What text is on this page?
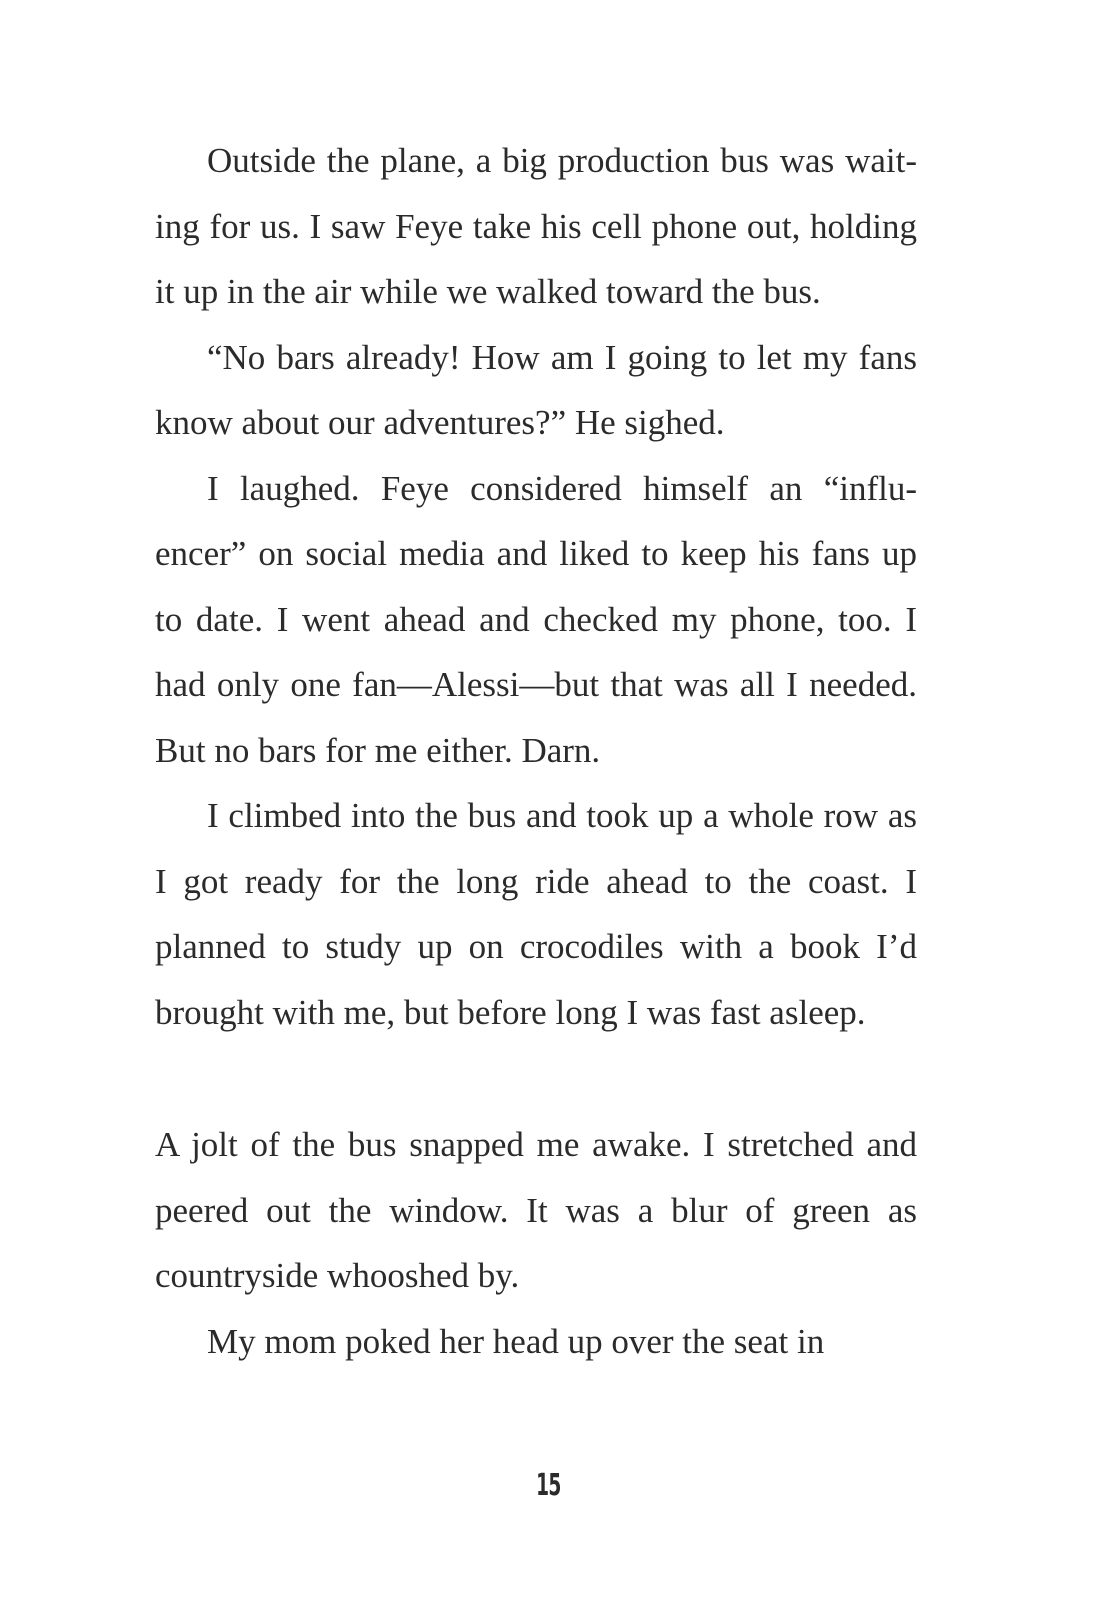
Outside the plane, a big production bus was waiting for us. I saw Feye take his cell phone out, holding it up in the air while we walked toward the bus.

“No bars already! How am I going to let my fans know about our adventures?” He sighed.

I laughed. Feye considered himself an “influencer” on social media and liked to keep his fans up to date. I went ahead and checked my phone, too. I had only one fan—Alessi—but that was all I needed. But no bars for me either. Darn.

I climbed into the bus and took up a whole row as I got ready for the long ride ahead to the coast. I planned to study up on crocodiles with a book I’d brought with me, but before long I was fast asleep.

A jolt of the bus snapped me awake. I stretched and peered out the window. It was a blur of green as countryside whooshed by.

My mom poked her head up over the seat in

15
